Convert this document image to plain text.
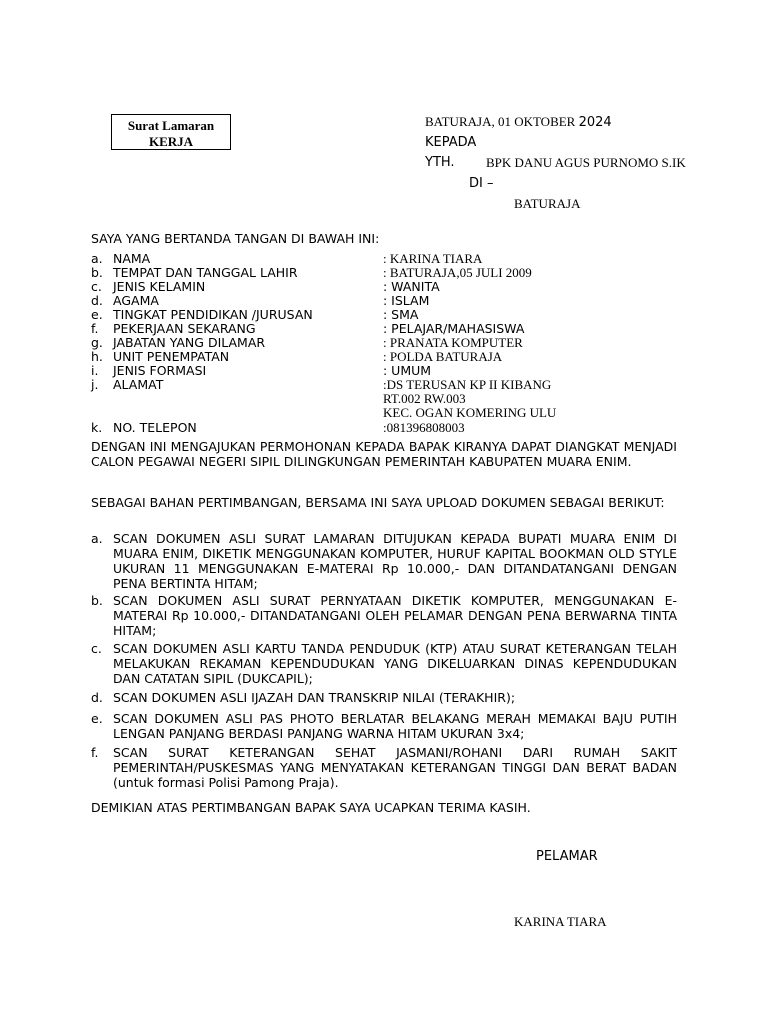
Surat Lamaran
KERJA
BATURAJA, 01 OKTOBER 2024
KEPADA
YTH. BPK DANU AGUS PURNOMO S.IK
DI –
BATURAJA
SAYA YANG BERTANDA TANGAN DI BAWAH INI:
a. NAMA	: KARINA TIARA
b. TEMPAT DAN TANGGAL LAHIR	: BATURAJA,05 JULI 2009
c. JENIS KELAMIN	: WANITA
d. AGAMA	: ISLAM
e. TINGKAT PENDIDIKAN /JURUSAN	: SMA
f. PEKERJAAN SEKARANG	: PELAJAR/MAHASISWA
g. JABATAN YANG DILAMAR	: PRANATA KOMPUTER
h. UNIT PENEMPATAN	: POLDA BATURAJA
i. JENIS FORMASI	: UMUM
j. ALAMAT	:DS TERUSAN KP II KIBANG
RT.002 RW.003
KEC. OGAN KOMERING ULU
k. NO. TELEPON	:081396808003
DENGAN INI MENGAJUKAN PERMOHONAN KEPADA BAPAK KIRANYA DAPAT DIANGKAT MENJADI CALON PEGAWAI NEGERI SIPIL DILINGKUNGAN PEMERINTAH KABUPATEN MUARA ENIM.
SEBAGAI BAHAN PERTIMBANGAN, BERSAMA INI SAYA UPLOAD DOKUMEN SEBAGAI BERIKUT:
a. SCAN DOKUMEN ASLI SURAT LAMARAN DITUJUKAN KEPADA BUPATI MUARA ENIM DI MUARA ENIM, DIKETIK MENGGUNAKAN KOMPUTER, HURUF KAPITAL BOOKMAN OLD STYLE UKURAN 11 MENGGUNAKAN E-MATERAI Rp 10.000,- DAN DITANDATANGANI DENGAN PENA BERTINTA HITAM;
b. SCAN DOKUMEN ASLI SURAT PERNYATAAN DIKETIK KOMPUTER, MENGGUNAKAN E-MATERAI Rp 10.000,- DITANDATANGANI OLEH PELAMAR DENGAN PENA BERWARNA TINTA HITAM;
c. SCAN DOKUMEN ASLI KARTU TANDA PENDUDUK (KTP) ATAU SURAT KETERANGAN TELAH MELAKUKAN REKAMAN KEPENDUDUKAN YANG DIKELUARKAN DINAS KEPENDUDUKAN DAN CATATAN SIPIL (DUKCAPIL);
d. SCAN DOKUMEN ASLI IJAZAH DAN TRANSKRIP NILAI (TERAKHIR);
e. SCAN DOKUMEN ASLI PAS PHOTO BERLATAR BELAKANG MERAH MEMAKAI BAJU PUTIH LENGAN PANJANG BERDASI PANJANG WARNA HITAM UKURAN 3x4;
f. SCAN SURAT KETERANGAN SEHAT JASMANI/ROHANI DARI RUMAH SAKIT PEMERINTAH/PUSKESMAS YANG MENYATAKAN KETERANGAN TINGGI DAN BERAT BADAN (untuk formasi Polisi Pamong Praja).
DEMIKIAN ATAS PERTIMBANGAN BAPAK SAYA UCAPKAN TERIMA KASIH.
PELAMAR
KARINA TIARA
